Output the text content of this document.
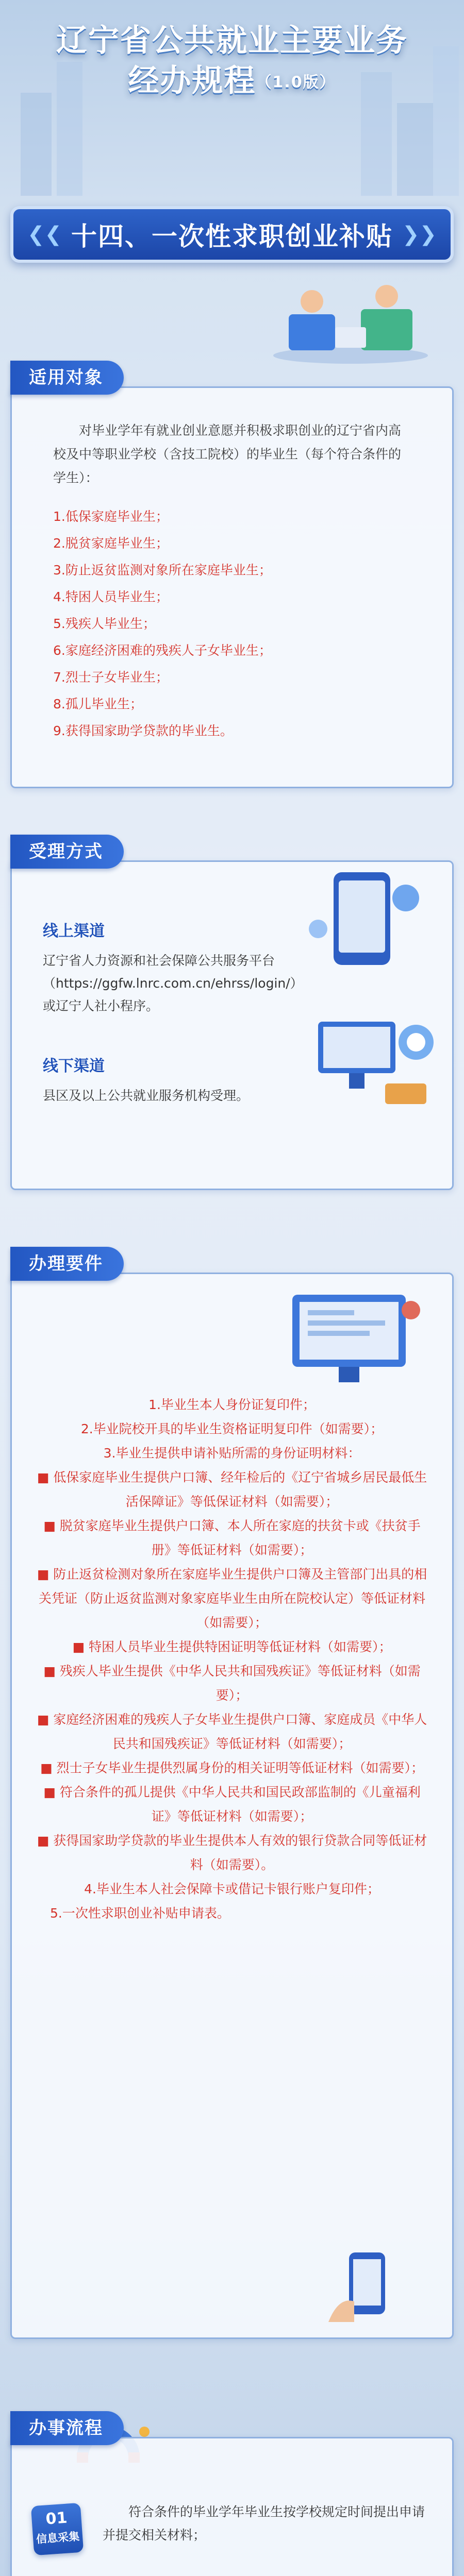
辽宁省公共就业主要业务
经办规程（1.0版）
❮❮ 十四、一次性求职创业补贴 ❯❯

对毕业学年有就业创业意愿并积极求职创业的辽宁省内高校及中等职业学校（含技工院校）的毕业生（每个符合条件的学生）：

1.低保家庭毕业生；
2.脱贫家庭毕业生；
3.防止返贫监测对象所在家庭毕业生；
4.特困人员毕业生；
5.残疾人毕业生；
6.家庭经济困难的残疾人子女毕业生；
7.烈士子女毕业生；
8.孤儿毕业生；
9.获得国家助学贷款的毕业生。
适用对象
线上渠道

辽宁省人力资源和社会保障公共服务平台（https://ggfw.lnrc.com.cn/ehrss/login/）或辽宁人社小程序。

线下渠道

县区及以上公共就业服务机构受理。

受理方式

1.毕业生本人身份证复印件；

2.毕业院校开具的毕业生资格证明复印件（如需要）；

3.毕业生提供申请补贴所需的身份证明材料：

■ 低保家庭毕业生提供户口簿、经年检后的《辽宁省城乡居民最低生活保障证》等低保证材料（如需要）；

■ 脱贫家庭毕业生提供户口簿、本人所在家庭的扶贫卡或《扶贫手册》等低证材料（如需要）；

■ 防止返贫检测对象所在家庭毕业生提供户口簿及主管部门出具的相关凭证（防止返贫监测对象家庭毕业生由所在院校认定）等低证材料（如需要）；

■ 特困人员毕业生提供特困证明等低证材料（如需要）；

■ 残疾人毕业生提供《中华人民共和国残疾证》等低证材料（如需要）；

■ 家庭经济困难的残疾人子女毕业生提供户口簿、家庭成员《中华人民共和国残疾证》等低证材料（如需要）；

■ 烈士子女毕业生提供烈属身份的相关证明等低证材料（如需要）；

■ 符合条件的孤儿提供《中华人民共和国民政部监制的《儿童福利证》等低证材料（如需要）；

■ 获得国家助学贷款的毕业生提供本人有效的银行贷款合同等低证材料（如需要）。

4.毕业生本人社会保障卡或借记卡银行账户复印件；

5.一次性求职创业补贴申请表。

办理要件
01
信息采集

符合条件的毕业学年毕业生按学校规定时间提出申请并提交相关材料；

办事流程
